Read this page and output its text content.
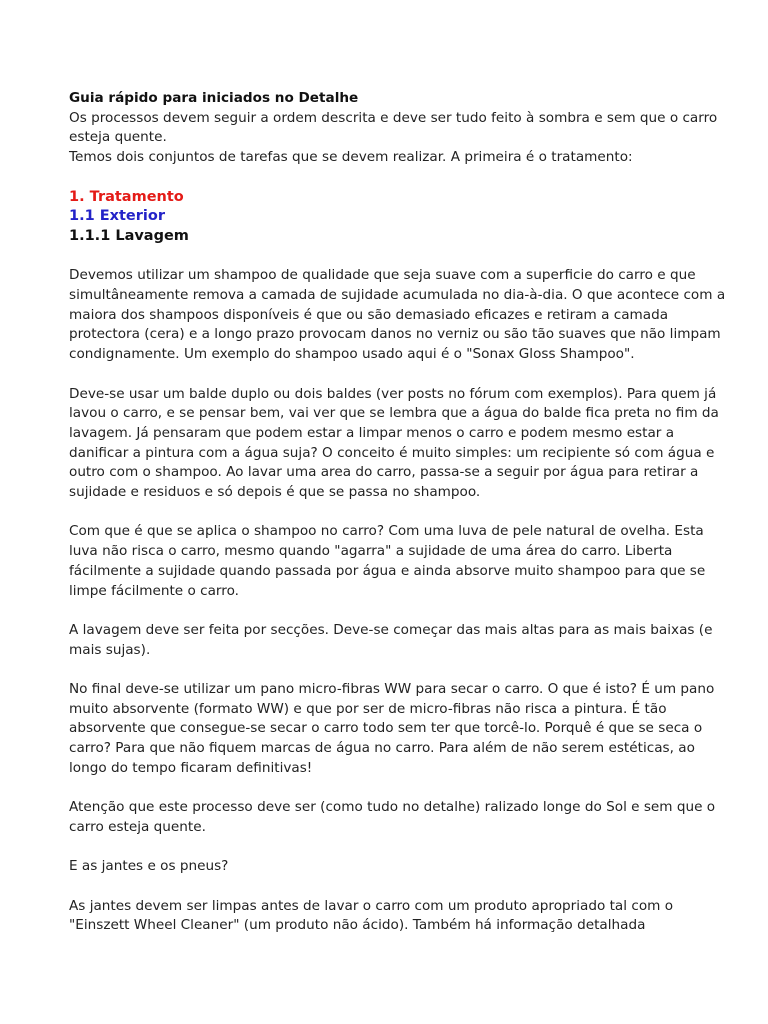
Guia rápido para iniciados no Detalhe

Os processos devem seguir a ordem descrita e deve ser tudo feito à sombra e sem que o carro esteja quente.

Temos dois conjuntos de tarefas que se devem realizar. A primeira é o tratamento:

1. Tratamento
1.1 Exterior
1.1.1 Lavagem

Devemos utilizar um shampoo de qualidade que seja suave com a superficie do carro e que simultâneamente remova a camada de sujidade acumulada no dia-à-dia. O que acontece com a maiora dos shampoos disponíveis é que ou são demasiado eficazes e retiram a camada protectora (cera) e a longo prazo provocam danos no verniz ou são tão suaves que não limpam condignamente. Um exemplo do shampoo usado aqui é o "Sonax Gloss Shampoo".

Deve-se usar um balde duplo ou dois baldes (ver posts no fórum com exemplos). Para quem já lavou o carro, e se pensar bem, vai ver que se lembra que a água do balde fica preta no fim da lavagem. Já pensaram que podem estar a limpar menos o carro e podem mesmo estar a danificar a pintura com a água suja? O conceito é muito simples: um recipiente só com água e outro com o shampoo. Ao lavar uma area do carro, passa-se a seguir por água para retirar a sujidade e residuos e só depois é que se passa no shampoo.

Com que é que se aplica o shampoo no carro? Com uma luva de pele natural de ovelha. Esta luva não risca o carro, mesmo quando "agarra" a sujidade de uma área do carro. Liberta fácilmente a sujidade quando passada por água e ainda absorve muito shampoo para que se limpe fácilmente o carro.

A lavagem deve ser feita por secções. Deve-se começar das mais altas para as mais baixas (e mais sujas).

No final deve-se utilizar um pano micro-fibras WW para secar o carro. O que é isto? É um pano muito absorvente (formato WW) e que por ser de micro-fibras não risca a pintura. É tão absorvente que consegue-se secar o carro todo sem ter que torcê-lo. Porquê é que se seca o carro? Para que não fiquem marcas de água no carro. Para além de não serem estéticas, ao longo do tempo ficaram definitivas!

Atenção que este processo deve ser (como tudo no detalhe) ralizado longe do Sol e sem que o carro esteja quente.

E as jantes e os pneus?

As jantes devem ser limpas antes de lavar o carro com um produto apropriado tal com o "Einszett Wheel Cleaner" (um produto não ácido). Também há informação detalhada
